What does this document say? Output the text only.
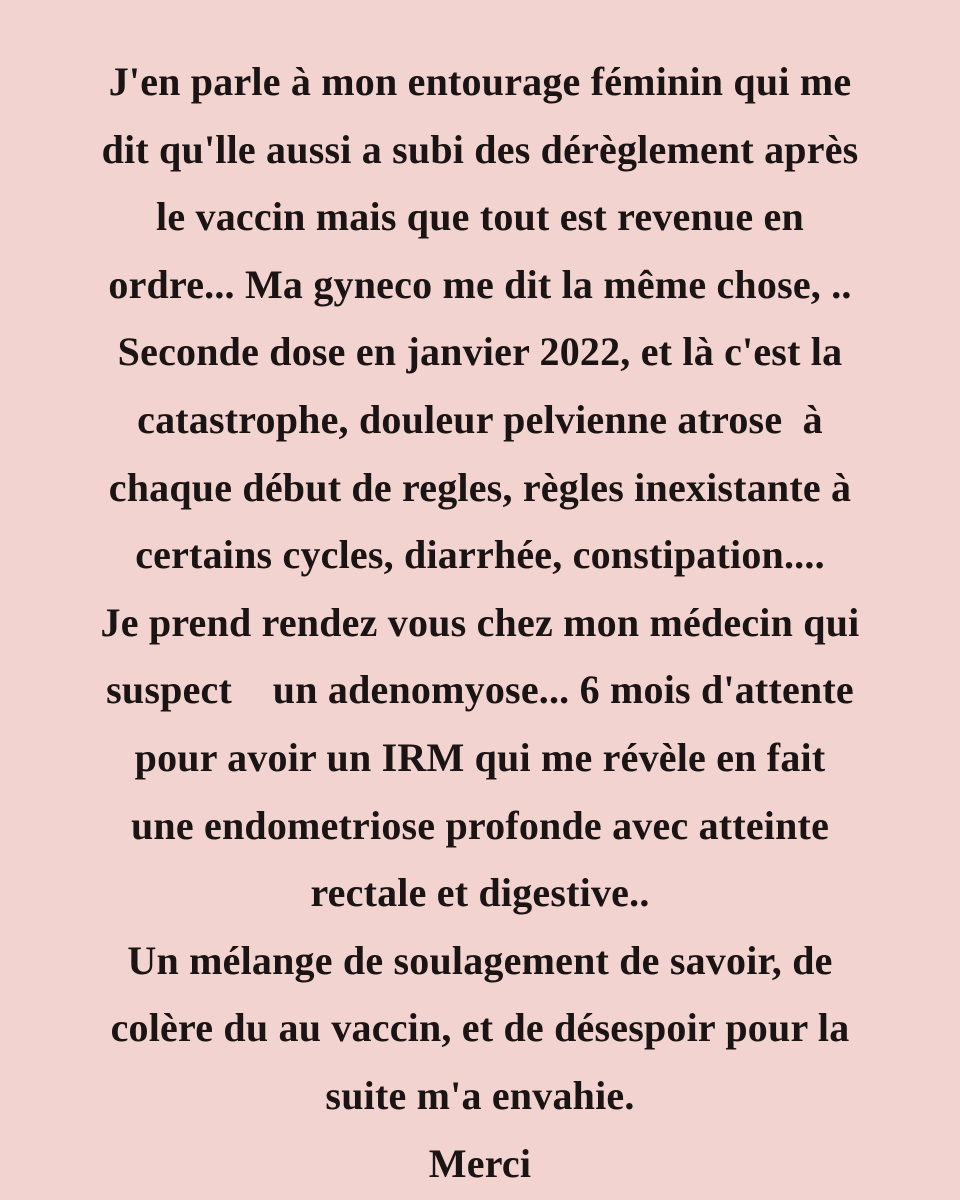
J'en parle à mon entourage féminin qui me
dit qu'lle aussi a subi des dérèglement après
le vaccin mais que tout est revenue en
ordre... Ma gyneco me dit la même chose, ..
Seconde dose en janvier 2022, et là c'est la
catastrophe, douleur pelvienne atrose  à
chaque début de regles, règles inexistante à
certains cycles, diarrhée, constipation....
Je prend rendez vous chez mon médecin qui
suspect    un adenomyose... 6 mois d'attente
pour avoir un IRM qui me révèle en fait
une endometriose profonde avec atteinte
rectale et digestive..
Un mélange de soulagement de savoir, de
colère du au vaccin, et de désespoir pour la
suite m'a envahie.
Merci
